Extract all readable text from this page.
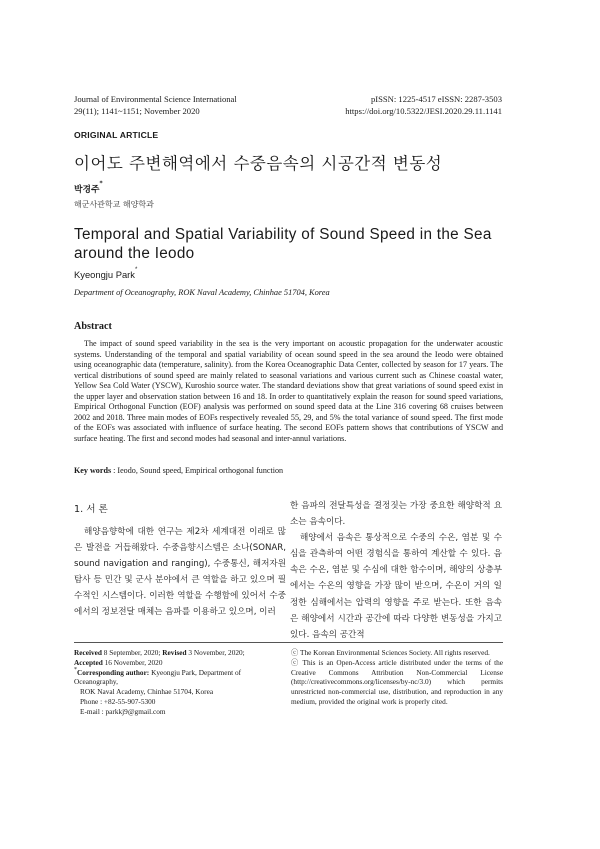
Journal of Environmental Science International
29(11); 1141~1151; November 2020
pISSN: 1225-4517 eISSN: 2287-3503
https://doi.org/10.5322/JESI.2020.29.11.1141
ORIGINAL ARTICLE
이어도 주변해역에서 수중음속의 시공간적 변동성
박경주*
해군사관학교 해양학과
Temporal and Spatial Variability of Sound Speed in the Sea around the Ieodo
Kyeongju Park*
Department of Oceanography, ROK Naval Academy, Chinhae 51704, Korea
Abstract
The impact of sound speed variability in the sea is the very important on acoustic propagation for the underwater acoustic systems. Understanding of the temporal and spatial variability of ocean sound speed in the sea around the Ieodo were obtained using oceanographic data (temperature, salinity). from the Korea Oceanographic Data Center, collected by season for 17 years. The vertical distributions of sound speed are mainly related to seasonal variations and various current such as Chinese coastal water, Yellow Sea Cold Water (YSCW), Kuroshio source water. The standard deviations show that great variations of sound speed exist in the upper layer and observation station between 16 and 18. In order to quantitatively explain the reason for sound speed variations, Empirical Orthogonal Function (EOF) analysis was performed on sound speed data at the Line 316 covering 68 cruises between 2002 and 2018. Three main modes of EOFs respectively revealed 55, 29, and 5% the total variance of sound speed. The first mode of the EOFs was associated with influence of surface heating. The second EOFs pattern shows that contributions of YSCW and surface heating. The first and second modes had seasonal and inter-annul variations.
Key words : Ieodo, Sound speed, Empirical orthogonal function
1. 서 론

해양음향학에 대한 연구는 제2차 세계대전 이래로 많은 발전을 거듭해왔다. 수중음향시스템은 소나(SONAR, sound navigation and ranging), 수중통신, 해저자원탐사 등 민간 및 군사 분야에서 큰 역할을 하고 있으며 필수적인 시스템이다. 이러한 역할을 수행함에 있어서 수중에서의 정보전달 매체는 음파를 이용하고 있으며, 이러

한 음파의 전달특성을 결정짓는 가장 중요한 해양학적 요소는 음속이다.

해양에서 음속은 통상적으로 수중의 수온, 염분 및 수심을 관측하여 어떤 경험식을 통하여 계산할 수 있다. 음속은 수온, 염분 및 수심에 대한 함수이며, 해양의 상층부에서는 수온의 영향을 가장 많이 받으며, 수온이 거의 일정한 심해에서는 압력의 영향을 주로 받는다. 또한 음속은 해양에서 시간과 공간에 따라 다양한 변동성을 가지고 있다. 음속의 공간적

Received 8 September, 2020; Revised 3 November, 2020;
Accepted 16 November, 2020
*Corresponding author: Kyeongju Park, Department of Oceanography,
ROK Naval Academy, Chinhae 51704, Korea
Phone : +82-55-907-5300
E-mail : parkkj9@gmail.com
ⓒ The Korean Environmental Sciences Society. All rights reserved.
ⓒ This is an Open-Access article distributed under the terms of the Creative Commons Attribution Non-Commercial License (http://creativecommons.org/licenses/by-nc/3.0) which permits unrestricted non-commercial use, distribution, and reproduction in any medium, provided the original work is properly cited.
